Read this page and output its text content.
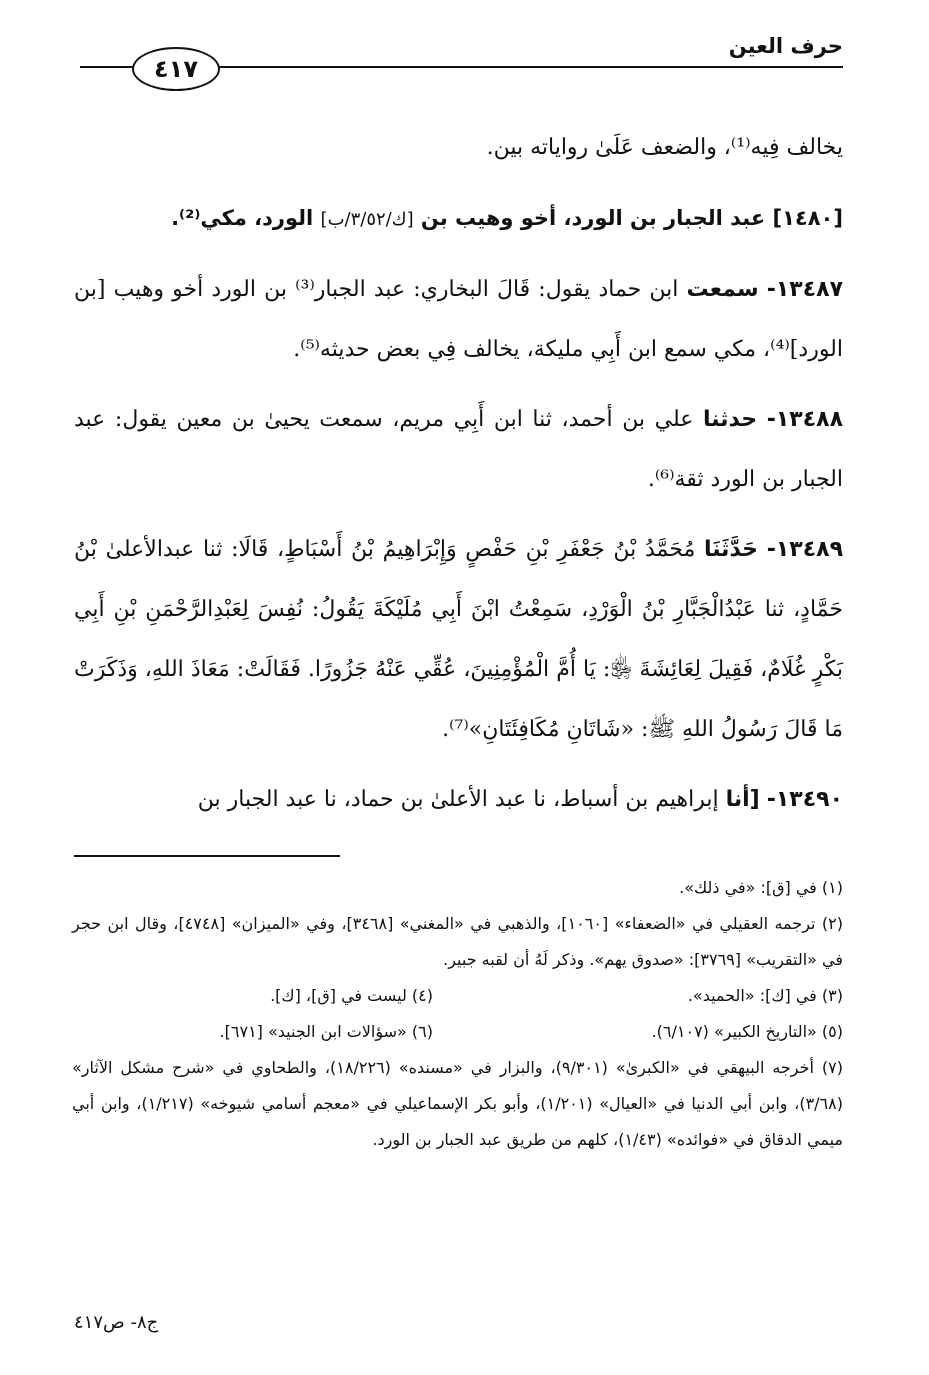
حرف العين
٤١٧

يخالف فِيه⁽¹⁾، والضعف عَلَىٰ رواياته بين.

[١٤٨٠] عبد الجبار بن الورد، أخو وهيب بن [ك/٣/٥٢/ب] الورد، مكي⁽²⁾.

١٣٤٨٧- سمعت ابن حماد يقول: قَالَ البخاري: عبد الجبار⁽³⁾ بن الورد أخو وهيب [بن الورد]⁽⁴⁾، مكي سمع ابن أَبِي مليكة، يخالف فِي بعض حديثه⁽⁵⁾.

١٣٤٨٨- حدثنا علي بن أحمد، ثنا ابن أَبِي مريم، سمعت يحيىٰ بن معين يقول: عبد الجبار بن الورد ثقة⁽⁶⁾.

١٣٤٨٩- حَدَّثَنَا مُحَمَّدُ بْنُ جَعْفَرِ بْنِ حَفْصٍ وَإِبْرَاهِيمُ بْنُ أَسْبَاطٍ، قَالَا: ثنا عبدالأعلىٰ بْنُ حَمَّادٍ، ثنا عَبْدُالْجَبَّارِ بْنُ الْوَرْدِ، سَمِعْتُ ابْنَ أَبِي مُلَيْكَةَ يَقُولُ: نُفِسَ لِعَبْدِالرَّحْمَنِ بْنِ أَبِي بَكْرٍ غُلَامٌ، فَقِيلَ لِعَائِشَةَ ﵂: يَا أُمَّ الْمُؤْمِنِينَ، عُقِّي عَنْهُ جَزُورًا. فَقَالَتْ: مَعَاذَ اللهِ، وَذَكَرَتْ مَا قَالَ رَسُولُ اللهِ ﷺ: «شَاتَانِ مُكَافِئَتَانِ»⁽⁷⁾.

١٣٤٩٠- [أنا إبراهيم بن أسباط، نا عبد الأعلىٰ بن حماد، نا عبد الجبار بن

(١) في [ق]: «في ذلك».

(٢) ترجمه العقيلي في «الضعفاء» [١٠٦٠]، والذهبي في «المغني» [٣٤٦٨]، وفي «الميزان» [٤٧٤٨]، وقال ابن حجر في «التقريب» [٣٧٦٩]: «صدوق يهم». وذكر لَهُ أن لقبه جبير.

(٣) في [ك]: «الحميد».

(٤) ليست في [ق]، [ك].

(٥) «التاريخ الكبير» (٦/١٠٧).

(٦) «سؤالات ابن الجنيد» [٦٧١].

(٧) أخرجه البيهقي في «الكبرىٰ» (٩/٣٠١)، والبزار في «مسنده» (١٨/٢٢٦)، والطحاوي في «شرح مشكل الآثار» (٣/٦٨)، وابن أبي الدنيا في «العيال» (١/٢٠١)، وأبو بكر الإسماعيلي في «معجم أسامي شيوخه» (١/٢١٧)، وابن أبي ميمي الدقاق في «فوائده» (١/٤٣)، كلهم من طريق عبد الجبار بن الورد.

ج٨- ص٤١٧
